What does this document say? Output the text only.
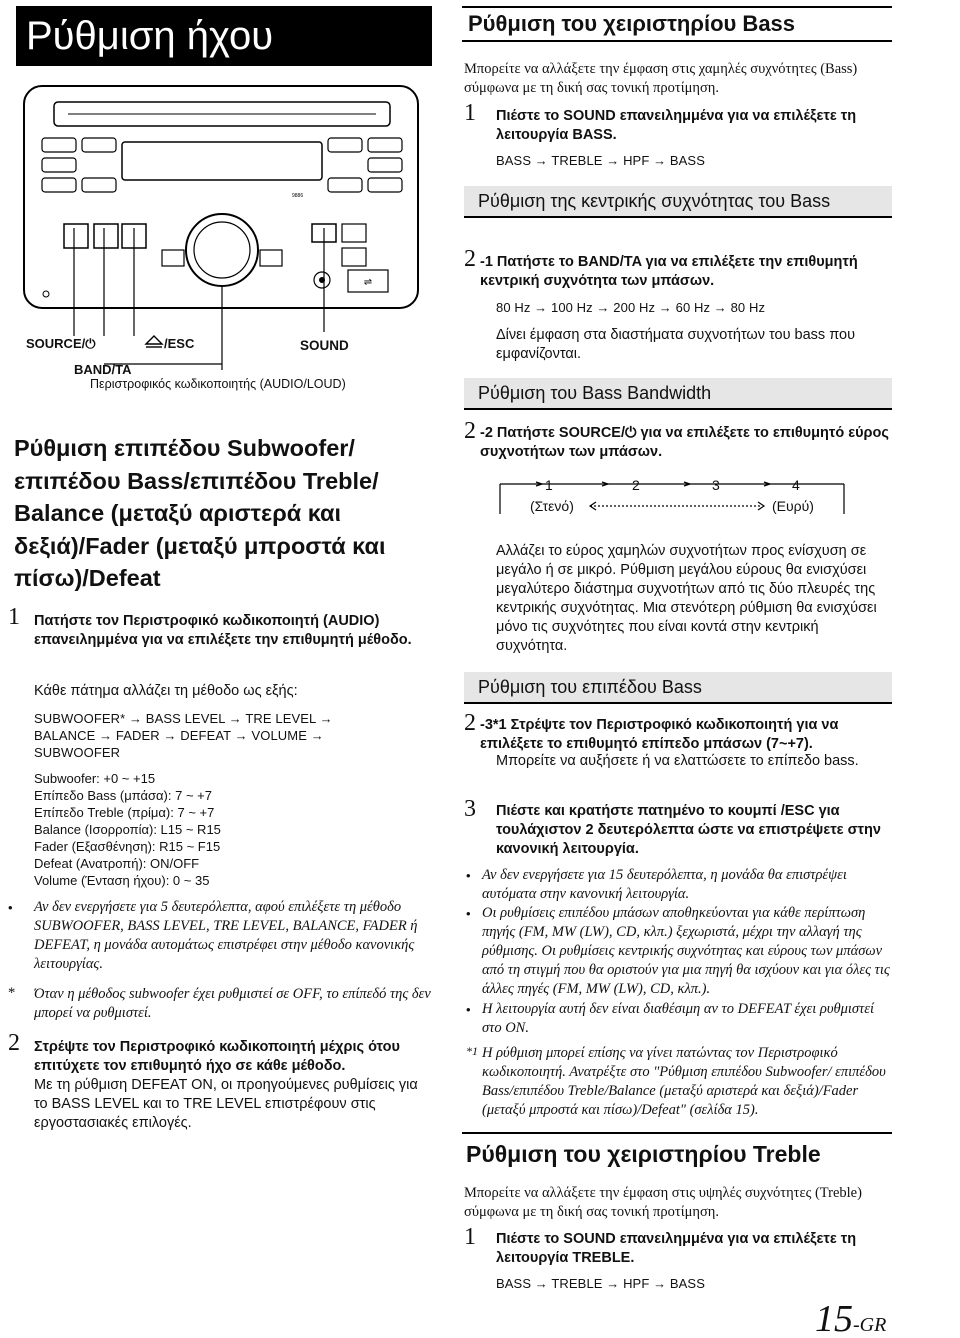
Ρύθμιση ήχου
9886
⇌
SOURCE/⏻	/ESC	SOUND
BAND/TA
Περιστροφικός κωδικοποιητής (AUDIO/LOUD)
Ρύθμιση επιπέδου Subwoofer/ επιπέδου Bass/επιπέδου Treble/ Balance (μεταξύ αριστερά και δεξιά)/Fader (μεταξύ μπροστά και πίσω)/Defeat
1 Πατήστε τον Περιστροφικό κωδικοποιητή (AUDIO) επανειλημμένα για να επιλέξετε την επιθυμητή μέθοδο.
Κάθε πάτημα αλλάζει τη μέθοδο ως εξής:
SUBWOOFER* → BASS LEVEL → TRE LEVEL →
BALANCE → FADER → DEFEAT → VOLUME →
SUBWOOFER
Subwoofer: +0 ~ +15
Επίπεδο Bass (μπάσα): 7 ~ +7
Επίπεδο Treble (πρίμα): 7 ~ +7
Balance (Ισορροπία): L15 ~ R15
Fader (Εξασθένηση): R15 ~ F15
Defeat (Ανατροπή): ON/OFF
Volume (Ένταση ήχου): 0 ~ 35
• Αν δεν ενεργήσετε για 5 δευτερόλεπτα, αφού επιλέξετε τη μέθοδο SUBWOOFER, BASS LEVEL, TRE LEVEL, BALANCE, FADER ή DEFEAT, η μονάδα αυτομάτως επιστρέφει στην μέθοδο κανονικής λειτουργίας.
* Όταν η μέθοδος subwoofer έχει ρυθμιστεί σε OFF, το επίπεδό της δεν μπορεί να ρυθμιστεί.
2 Στρέψτε τον Περιστροφικό κωδικοποιητή μέχρις ότου επιτύχετε τον επιθυμητό ήχο σε κάθε μέθοδο.
Με τη ρύθμιση DEFEAT ON, οι προηγούμενες ρυθμίσεις για το BASS LEVEL και το TRE LEVEL επιστρέφουν στις εργοστασιακές επιλογές.
Ρύθμιση του χειριστηρίου Bass
Μπορείτε να αλλάξετε την έμφαση στις χαμηλές συχνότητες (Bass) σύμφωνα με τη δική σας τονική προτίμηση.
1 Πιέστε το SOUND επανειλημμένα για να επιλέξετε τη λειτουργία BASS.
BASS → TREBLE → HPF → BASS
Ρύθμιση της κεντρικής συχνότητας του Bass
2 -1 Πατήστε το BAND/TA για να επιλέξετε την επιθυμητή κεντρική συχνότητα των μπάσων.
80 Hz → 100 Hz → 200 Hz → 60 Hz → 80 Hz
Δίνει έμφαση στα διαστήματα συχνοτήτων του bass που εμφανίζονται.
Ρύθμιση του Bass Bandwidth
2 -2 Πατήστε SOURCE/⏻ για να επιλέξετε το επιθυμητό εύρος συχνοτήτων των μπάσων.
1	2	3	4
(Στενό)	(Ευρύ)
Αλλάζει το εύρος χαμηλών συχνοτήτων προς ενίσχυση σε μεγάλο ή σε μικρό. Ρύθμιση μεγάλου εύρους θα ενισχύσει μεγαλύτερο διάστημα συχνοτήτων από τις δύο πλευρές της κεντρικής συχνότητας. Μια στενότερη ρύθμιση θα ενισχύσει μόνο τις συχνότητες που είναι κοντά στην κεντρική συχνότητα.
Ρύθμιση του επιπέδου Bass
2 -3*1 Στρέψτε τον Περιστροφικό κωδικοποιητή για να επιλέξετε το επιθυμητό επίπεδο μπάσων (7~+7).
Μπορείτε να αυξήσετε ή να ελαττώσετε το επίπεδο bass.
3 Πιέστε και κρατήστε πατημένο το κουμπί /ESC για τουλάχιστον 2 δευτερόλεπτα ώστε να επιστρέψετε στην κανονική λειτουργία.
• Αν δεν ενεργήσετε για 15 δευτερόλεπτα, η μονάδα θα επιστρέψει αυτόματα στην κανονική λειτουργία.
• Οι ρυθμίσεις επιπέδου μπάσων αποθηκεύονται για κάθε περίπτωση πηγής (FM, MW (LW), CD, κλπ.) ξεχωριστά, μέχρι την αλλαγή της ρύθμισης. Οι ρυθμίσεις κεντρικής συχνότητας και εύρους των μπάσων από τη στιγμή που θα οριστούν για μια πηγή θα ισχύουν και για όλες τις άλλες πηγές (FM, MW (LW), CD, κλπ.).
• Η λειτουργία αυτή δεν είναι διαθέσιμη αν το DEFEAT έχει ρυθμιστεί στο ON.
*1 Η ρύθμιση μπορεί επίσης να γίνει πατώντας τον Περιστροφικό κωδικοποιητή. Ανατρέξτε στο "Ρύθμιση επιπέδου Subwoofer/ επιπέδου Bass/επιπέδου Treble/Balance (μεταξύ αριστερά και δεξιά)/Fader (μεταξύ μπροστά και πίσω)/Defeat" (σελίδα 15).
Ρύθμιση του χειριστηρίου Treble
Μπορείτε να αλλάξετε την έμφαση στις υψηλές συχνότητες (Treble) σύμφωνα με τη δική σας τονική προτίμηση.
1 Πιέστε το SOUND επανειλημμένα για να επιλέξετε τη λειτουργία TREBLE.
BASS → TREBLE → HPF → BASS
15-GR
